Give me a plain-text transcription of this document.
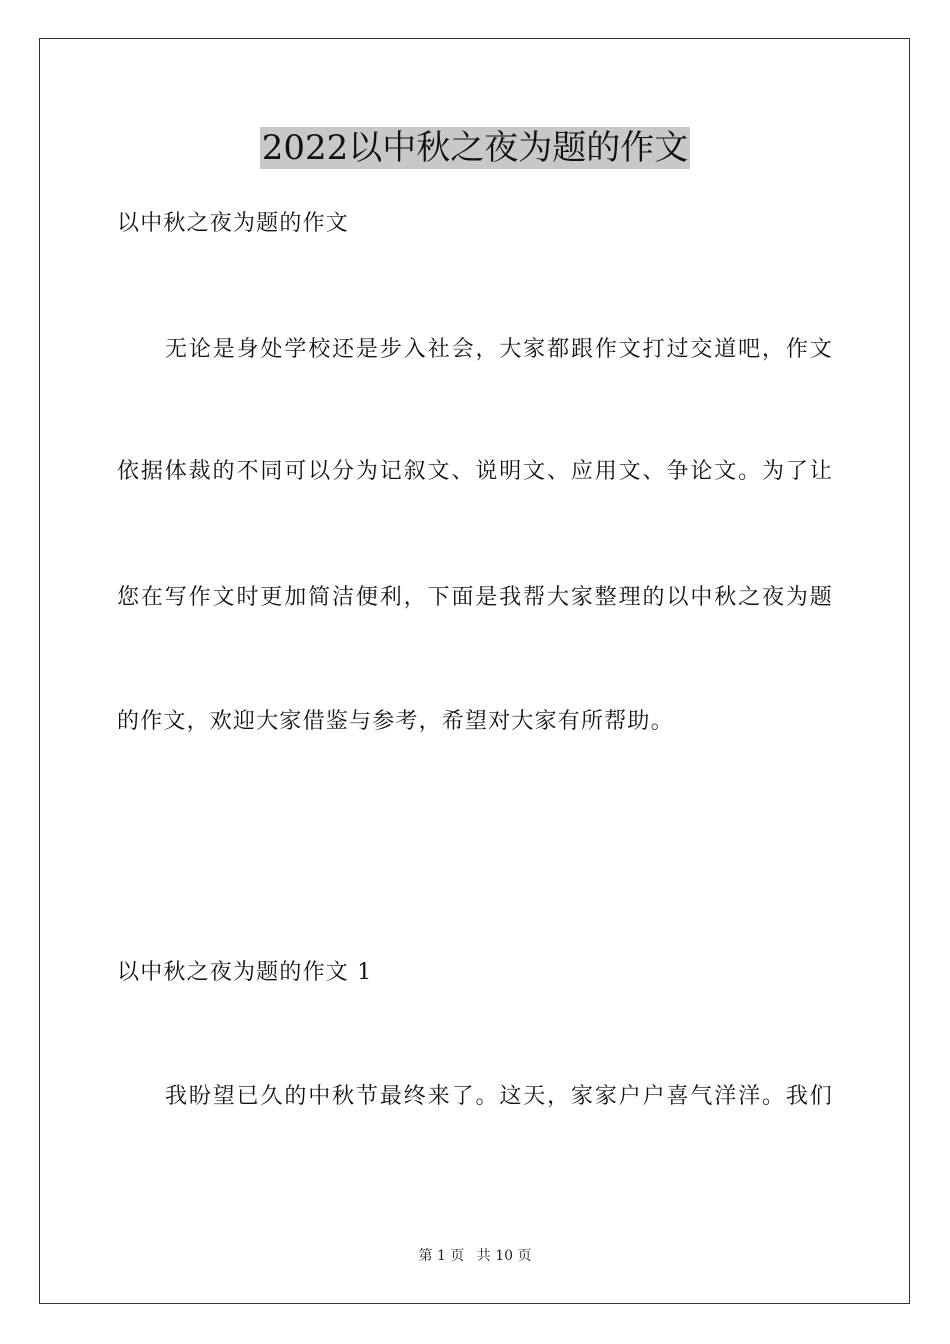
2022以中秋之夜为题的作文
以中秋之夜为题的作文
无论是身处学校还是步入社会，大家都跟作文打过交道吧，作文
依据体裁的不同可以分为记叙文、说明文、应用文、争论文。为了让
您在写作文时更加简洁便利，下面是我帮大家整理的以中秋之夜为题
的作文，欢迎大家借鉴与参考，希望对大家有所帮助。
以中秋之夜为题的作文 1
我盼望已久的中秋节最终来了。这天，家家户户喜气洋洋。我们
第 1 页 共 10 页
